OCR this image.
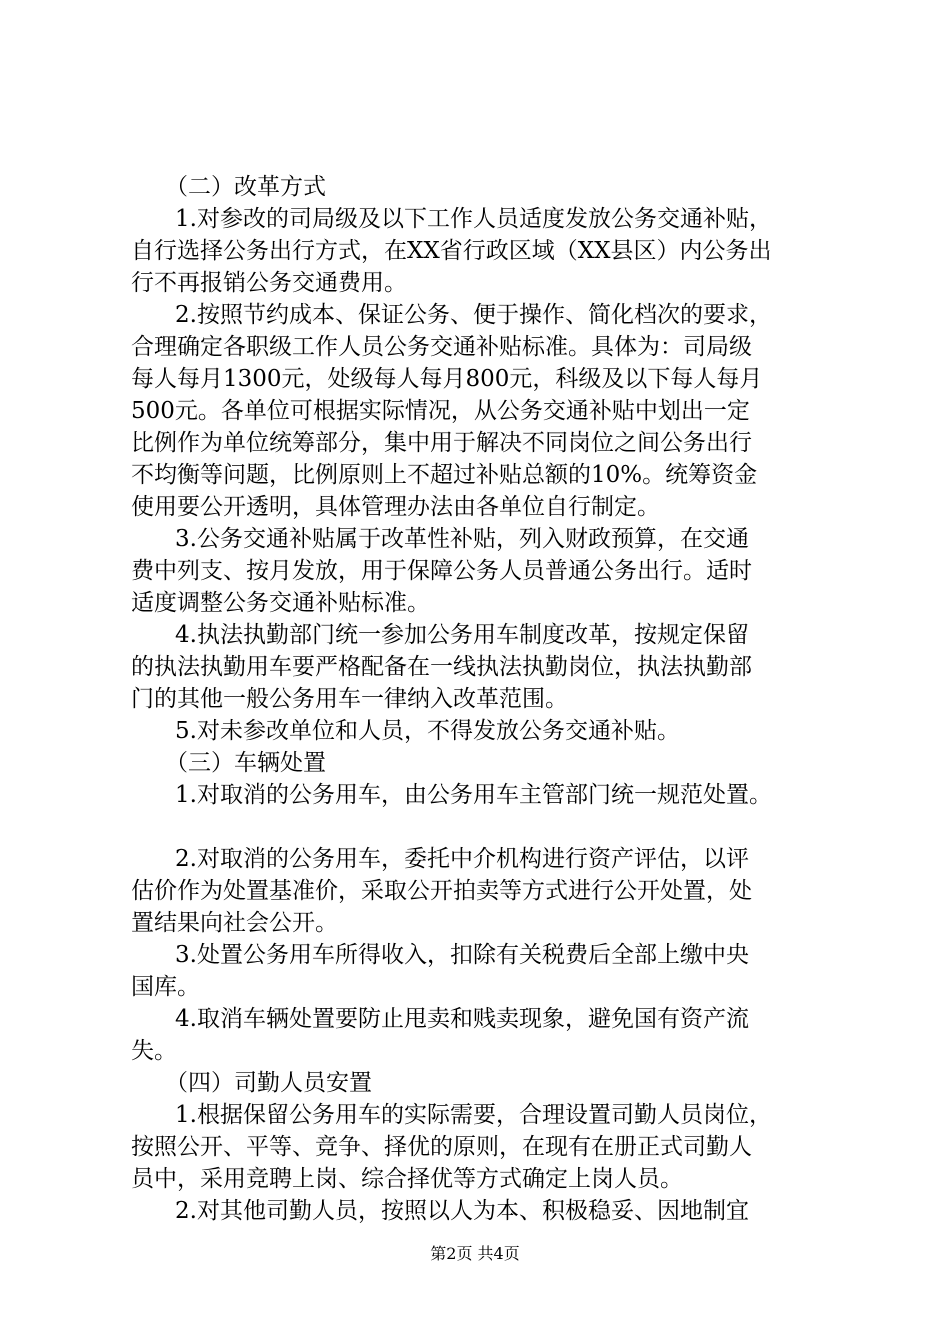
（二）改革方式
1.对参改的司局级及以下工作人员适度发放公务交通补贴，
自行选择公务出行方式，在XX省行政区域（XX县区）内公务出
行不再报销公务交通费用。
2.按照节约成本、保证公务、便于操作、简化档次的要求，
合理确定各职级工作人员公务交通补贴标准。具体为：司局级
每人每月1300元，处级每人每月800元，科级及以下每人每月
500元。各单位可根据实际情况，从公务交通补贴中划出一定
比例作为单位统筹部分，集中用于解决不同岗位之间公务出行
不均衡等问题，比例原则上不超过补贴总额的10%。统筹资金
使用要公开透明，具体管理办法由各单位自行制定。
3.公务交通补贴属于改革性补贴，列入财政预算，在交通
费中列支、按月发放，用于保障公务人员普通公务出行。适时
适度调整公务交通补贴标准。
4.执法执勤部门统一参加公务用车制度改革，按规定保留
的执法执勤用车要严格配备在一线执法执勤岗位，执法执勤部
门的其他一般公务用车一律纳入改革范围。
5.对未参改单位和人员，不得发放公务交通补贴。
（三）车辆处置
1.对取消的公务用车，由公务用车主管部门统一规范处置。
2.对取消的公务用车，委托中介机构进行资产评估，以评
估价作为处置基准价，采取公开拍卖等方式进行公开处置，处
置结果向社会公开。
3.处置公务用车所得收入，扣除有关税费后全部上缴中央
国库。
4.取消车辆处置要防止甩卖和贱卖现象，避免国有资产流
失。
（四）司勤人员安置
1.根据保留公务用车的实际需要，合理设置司勤人员岗位，
按照公开、平等、竞争、择优的原则，在现有在册正式司勤人
员中，采用竞聘上岗、综合择优等方式确定上岗人员。
2.对其他司勤人员，按照以人为本、积极稳妥、因地制宜
第2页 共4页
